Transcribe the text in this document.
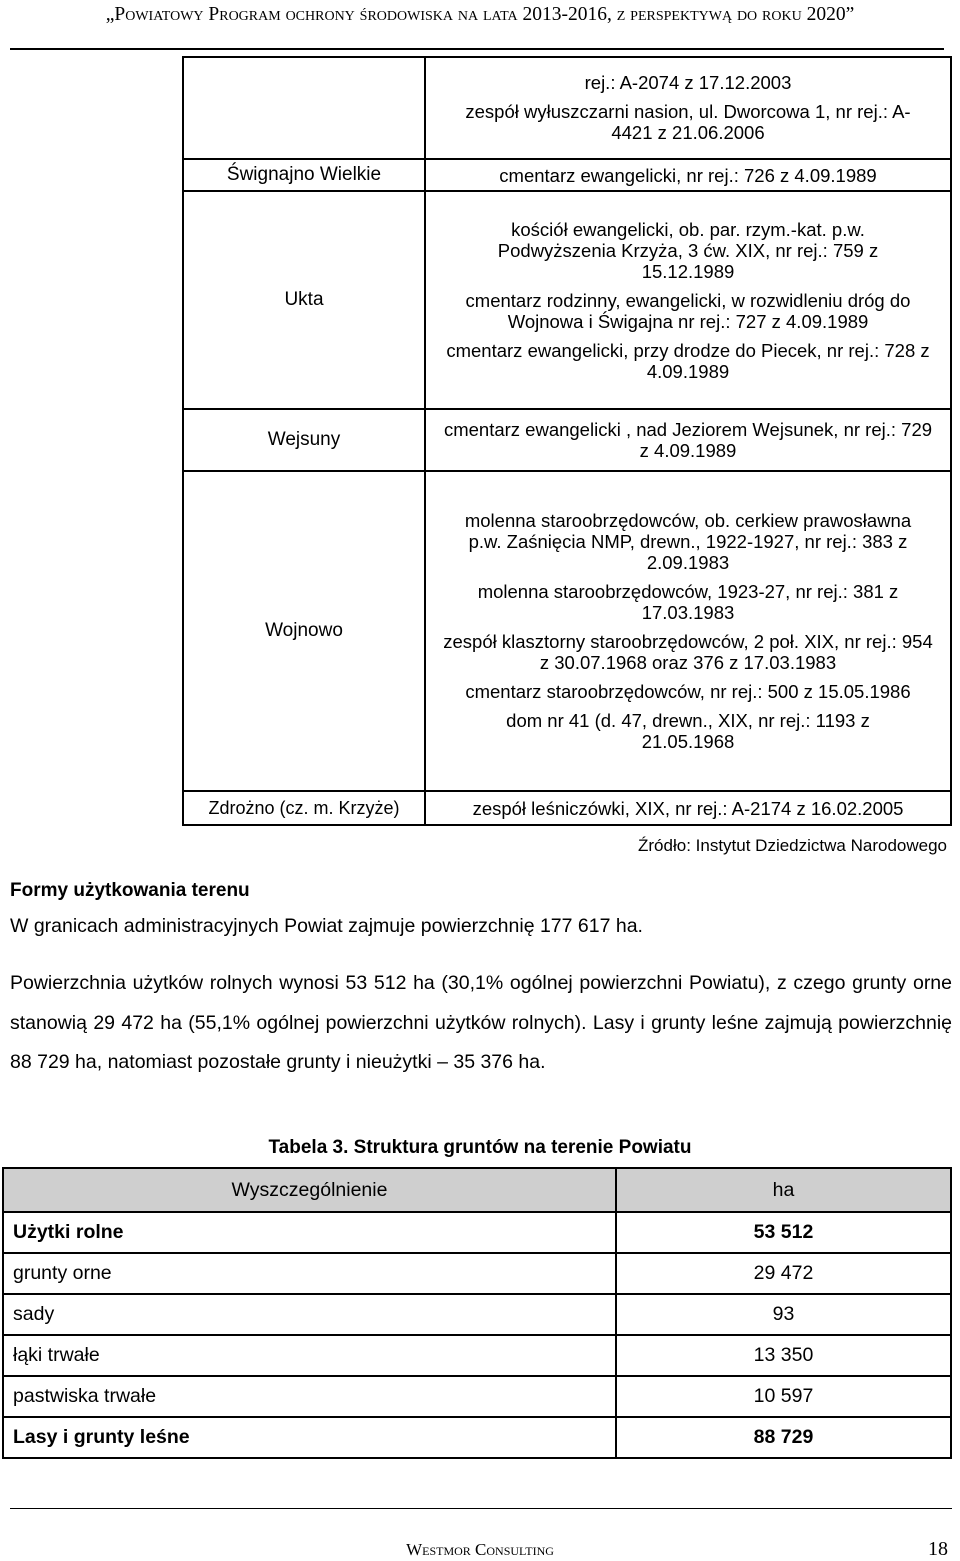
„Powiatowy Program ochrony środowiska na lata 2013-2016, z perspektywą do roku 2020”

	rej.: A-2074 z 17.12.2003
zespół wyłuszczarni nasion, ul. Dworcowa 1, nr rej.: A-4421 z 21.06.2006

Śwignajno Wielkie	cmentarz ewangelicki, nr rej.: 726 z 4.09.1989

Ukta	kościół ewangelicki, ob. par. rzym.-kat. p.w. Podwyższenia Krzyża, 3 ćw. XIX, nr rej.: 759 z 15.12.1989
cmentarz rodzinny, ewangelicki, w rozwidleniu dróg do Wojnowa i Świgajna nr rej.: 727 z 4.09.1989
cmentarz ewangelicki, przy drodze do Piecek, nr rej.: 728 z 4.09.1989

Wejsuny	cmentarz ewangelicki , nad Jeziorem Wejsunek, nr rej.: 729 z 4.09.1989

Wojnowo	molenna staroobrzędowców, ob. cerkiew prawosławna p.w. Zaśnięcia NMP, drewn., 1922-1927, nr rej.: 383 z 2.09.1983
molenna staroobrzędowców, 1923-27, nr rej.: 381 z 17.03.1983
zespół klasztorny staroobrzędowców, 2 poł. XIX, nr rej.: 954 z 30.07.1968 oraz 376 z 17.03.1983
cmentarz staroobrzędowców, nr rej.: 500 z 15.05.1986
dom nr 41 (d. 47, drewn., XIX, nr rej.: 1193 z 21.05.1968

Zdrożno (cz. m. Krzyże)	zespół leśniczówki, XIX, nr rej.: A-2174 z 16.02.2005
Źródło: Instytut Dziedzictwa Narodowego
Formy użytkowania terenu
W granicach administracyjnych Powiat zajmuje powierzchnię 177 617 ha.
Powierzchnia użytków rolnych wynosi 53 512 ha (30,1% ogólnej powierzchni Powiatu), z czego grunty orne stanowią 29 472 ha (55,1% ogólnej powierzchni użytków rolnych). Lasy i grunty leśne zajmują powierzchnię 88 729 ha, natomiast pozostałe grunty i nieużytki – 35 376 ha.
Tabela 3. Struktura gruntów na terenie Powiatu
Wyszczególnienie	ha
Użytki rolne	53 512
grunty orne	29 472
sady	93
łąki trwałe	13 350
pastwiska trwałe	10 597
Lasy i grunty leśne	88 729
Westmor Consulting	18
